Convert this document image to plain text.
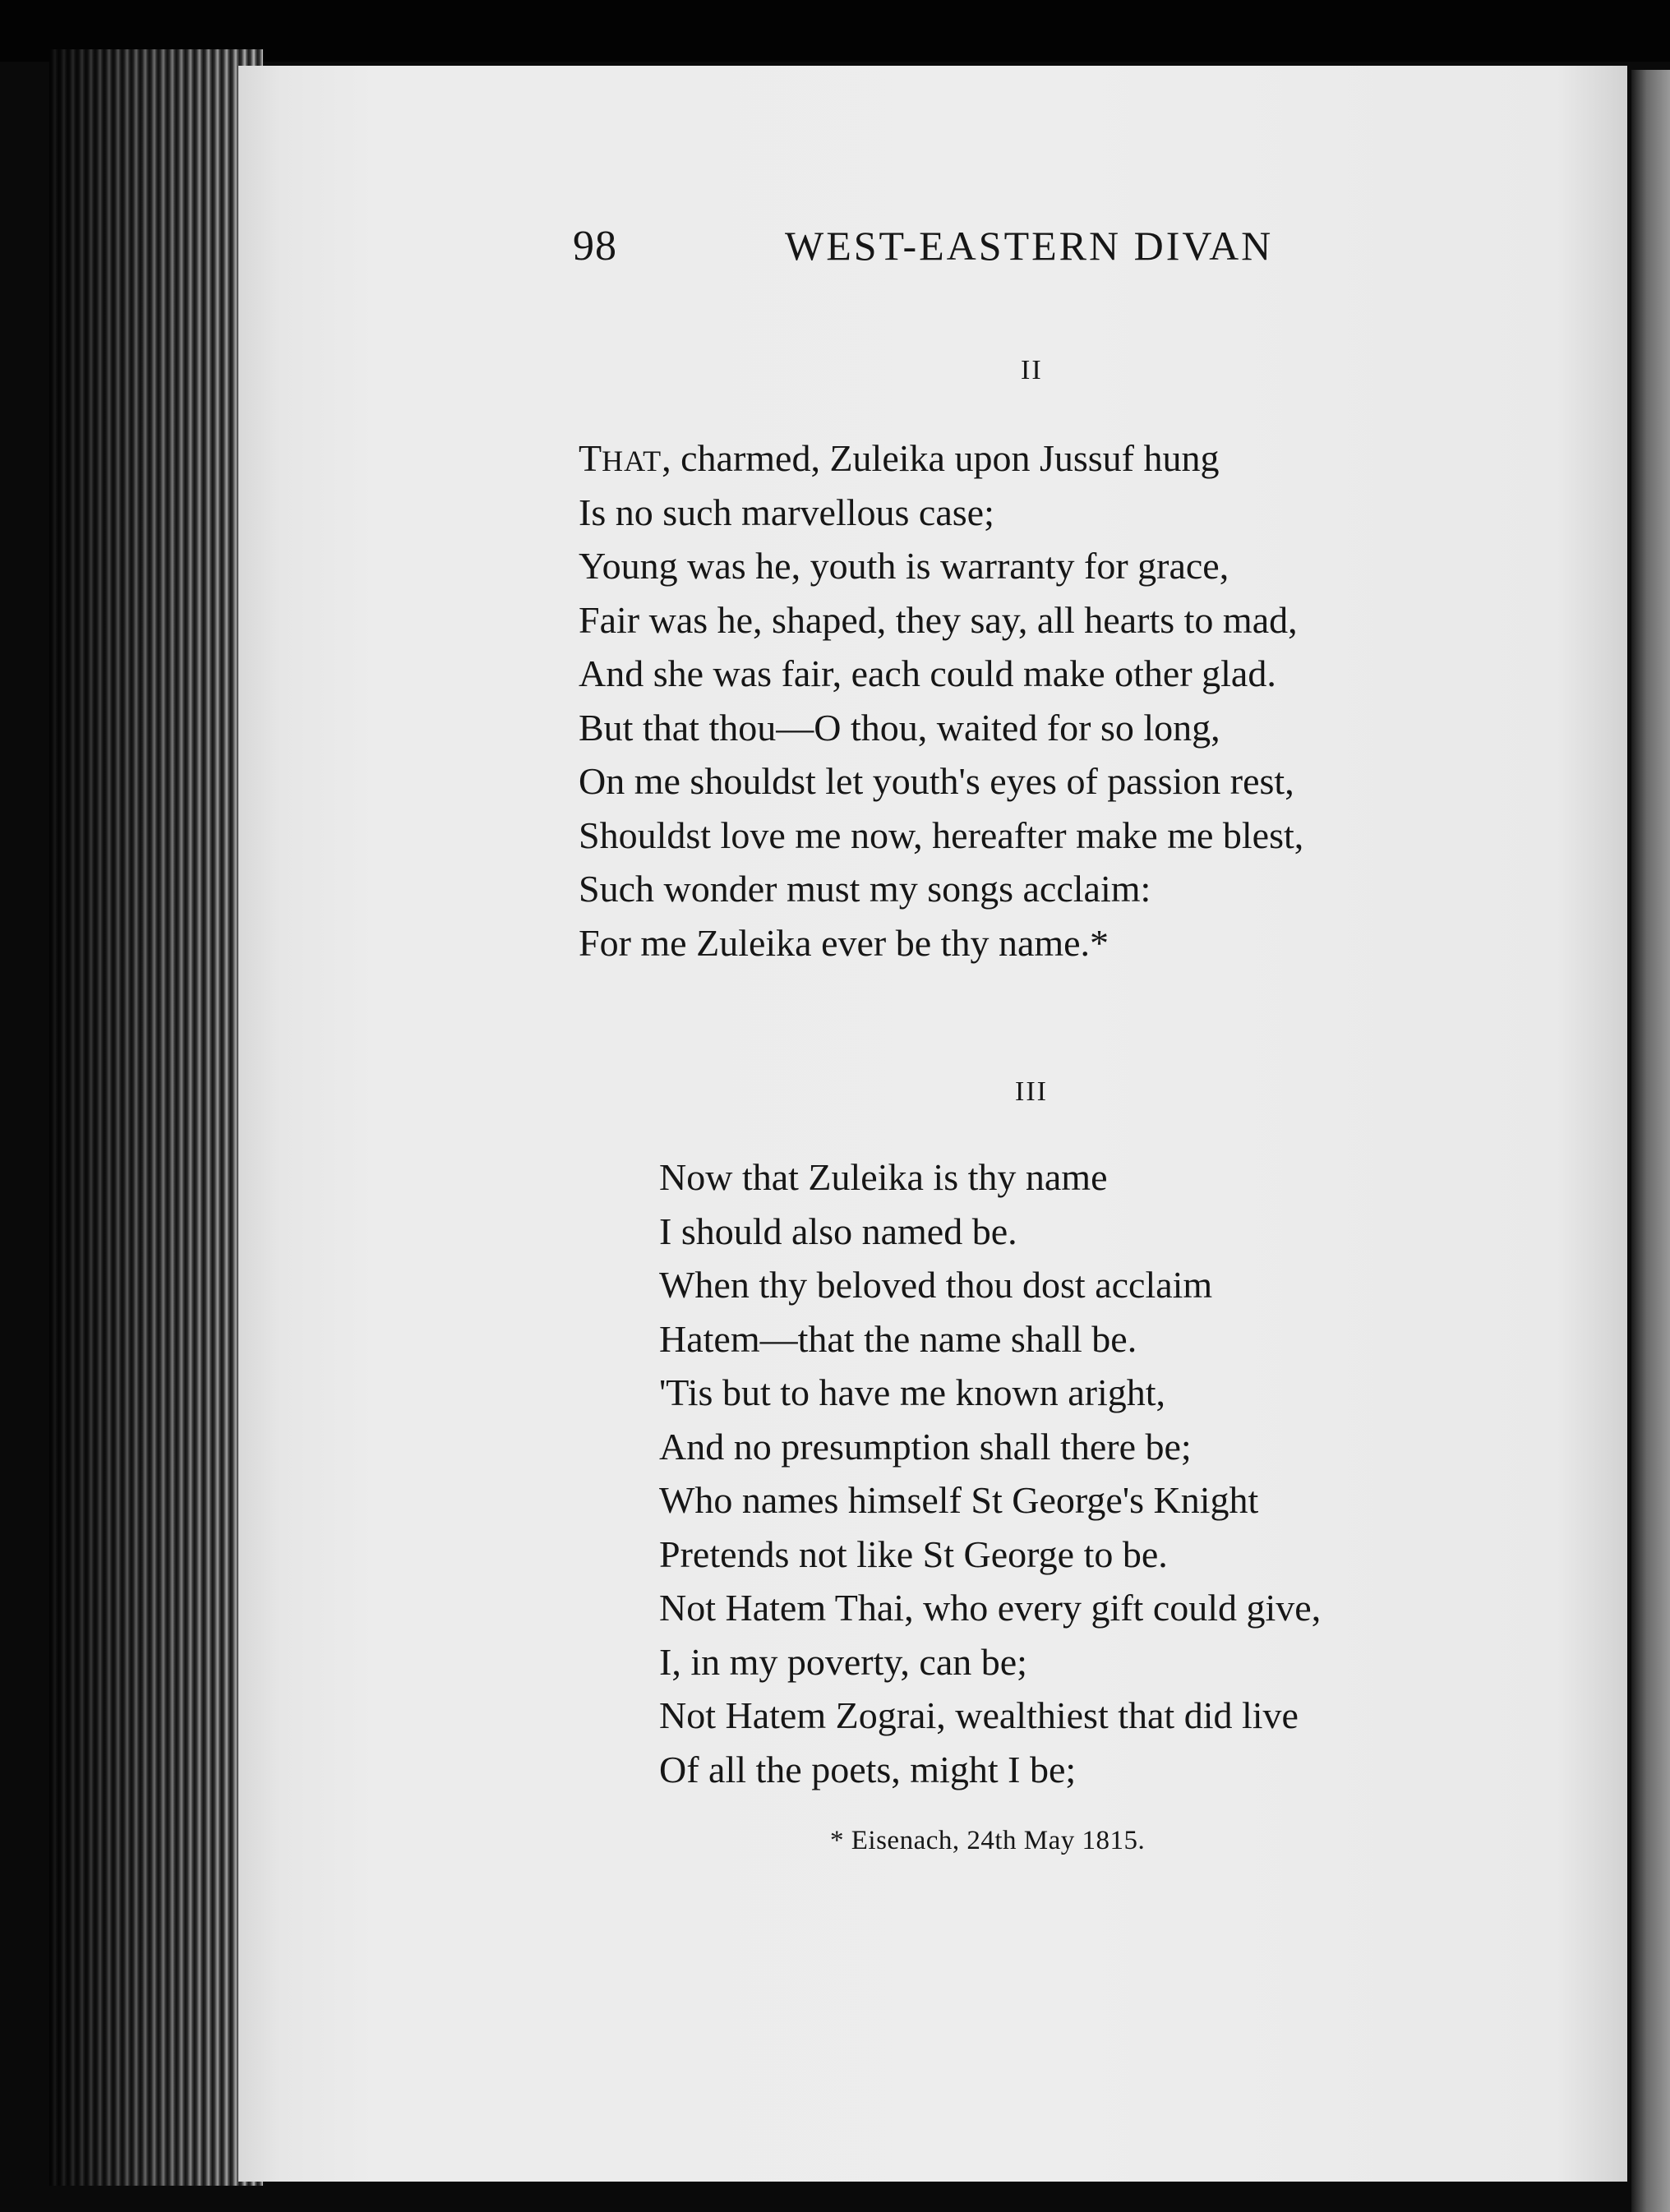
98	WEST-EASTERN DIVAN
II
THAT, charmed, Zuleika upon Jussuf hung
Is no such marvellous case;
Young was he, youth is warranty for grace,
Fair was he, shaped, they say, all hearts to mad,
And she was fair, each could make other glad.
But that thou—O thou, waited for so long,
On me shouldst let youth's eyes of passion rest,
Shouldst love me now, hereafter make me blest,
Such wonder must my songs acclaim:
For me Zuleika ever be thy name.*
III
Now that Zuleika is thy name
I should also named be.
When thy beloved thou dost acclaim
Hatem—that the name shall be.
'Tis but to have me known aright,
And no presumption shall there be;
Who names himself St George's Knight
Pretends not like St George to be.
Not Hatem Thai, who every gift could give,
I, in my poverty, can be;
Not Hatem Zograi, wealthiest that did live
Of all the poets, might I be;
* Eisenach, 24th May 1815.
